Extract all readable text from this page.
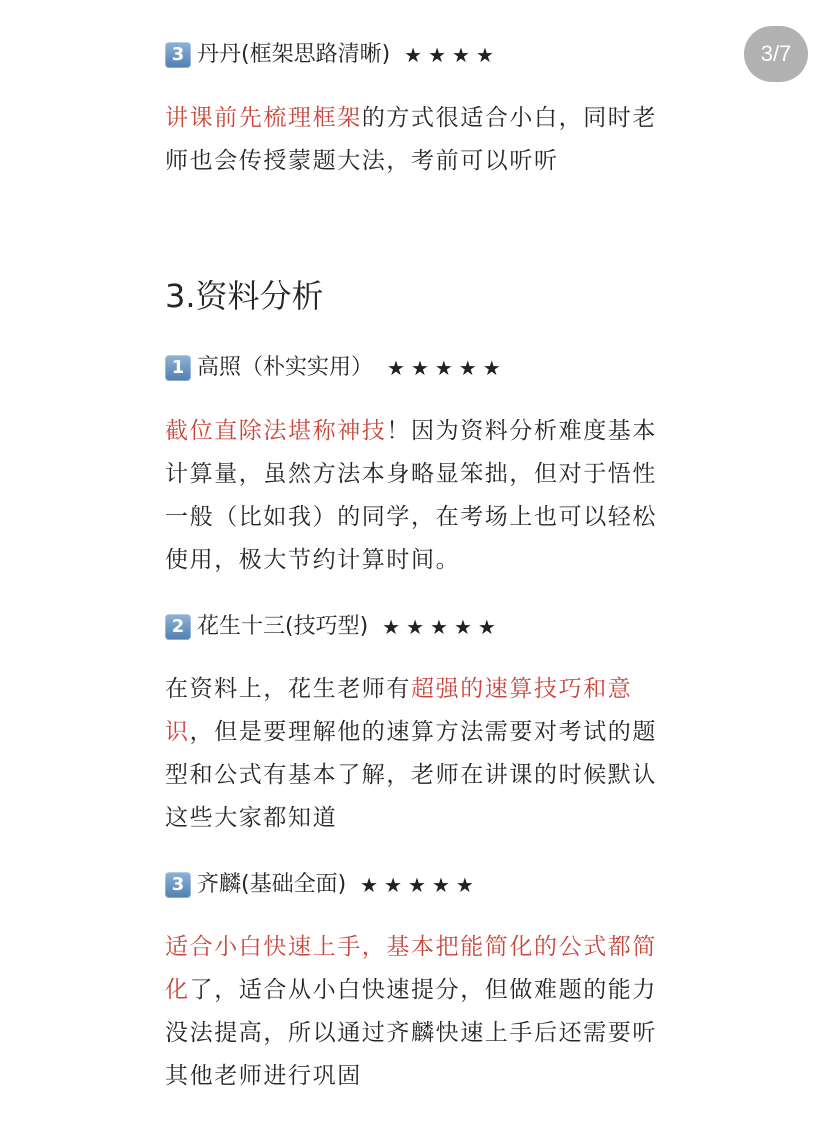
3 丹丹(框架思路清晰) ★★★★
讲课前先梳理框架的方式很适合小白，同时老师也会传授蒙题大法，考前可以听听
3.资料分析
1 高照（朴实实用） ★★★★★
截位直除法堪称神技！因为资料分析难度基本计算量，虽然方法本身略显笨拙，但对于悟性一般（比如我）的同学，在考场上也可以轻松使用，极大节约计算时间。
2 花生十三(技巧型) ★★★★★
在资料上，花生老师有超强的速算技巧和意识，但是要理解他的速算方法需要对考试的题型和公式有基本了解，老师在讲课的时候默认这些大家都知道
3 齐麟(基础全面) ★★★★★
适合小白快速上手，基本把能简化的公式都简化了，适合从小白快速提分，但做难题的能力没法提高，所以通过齐麟快速上手后还需要听其他老师进行巩固
3/7
